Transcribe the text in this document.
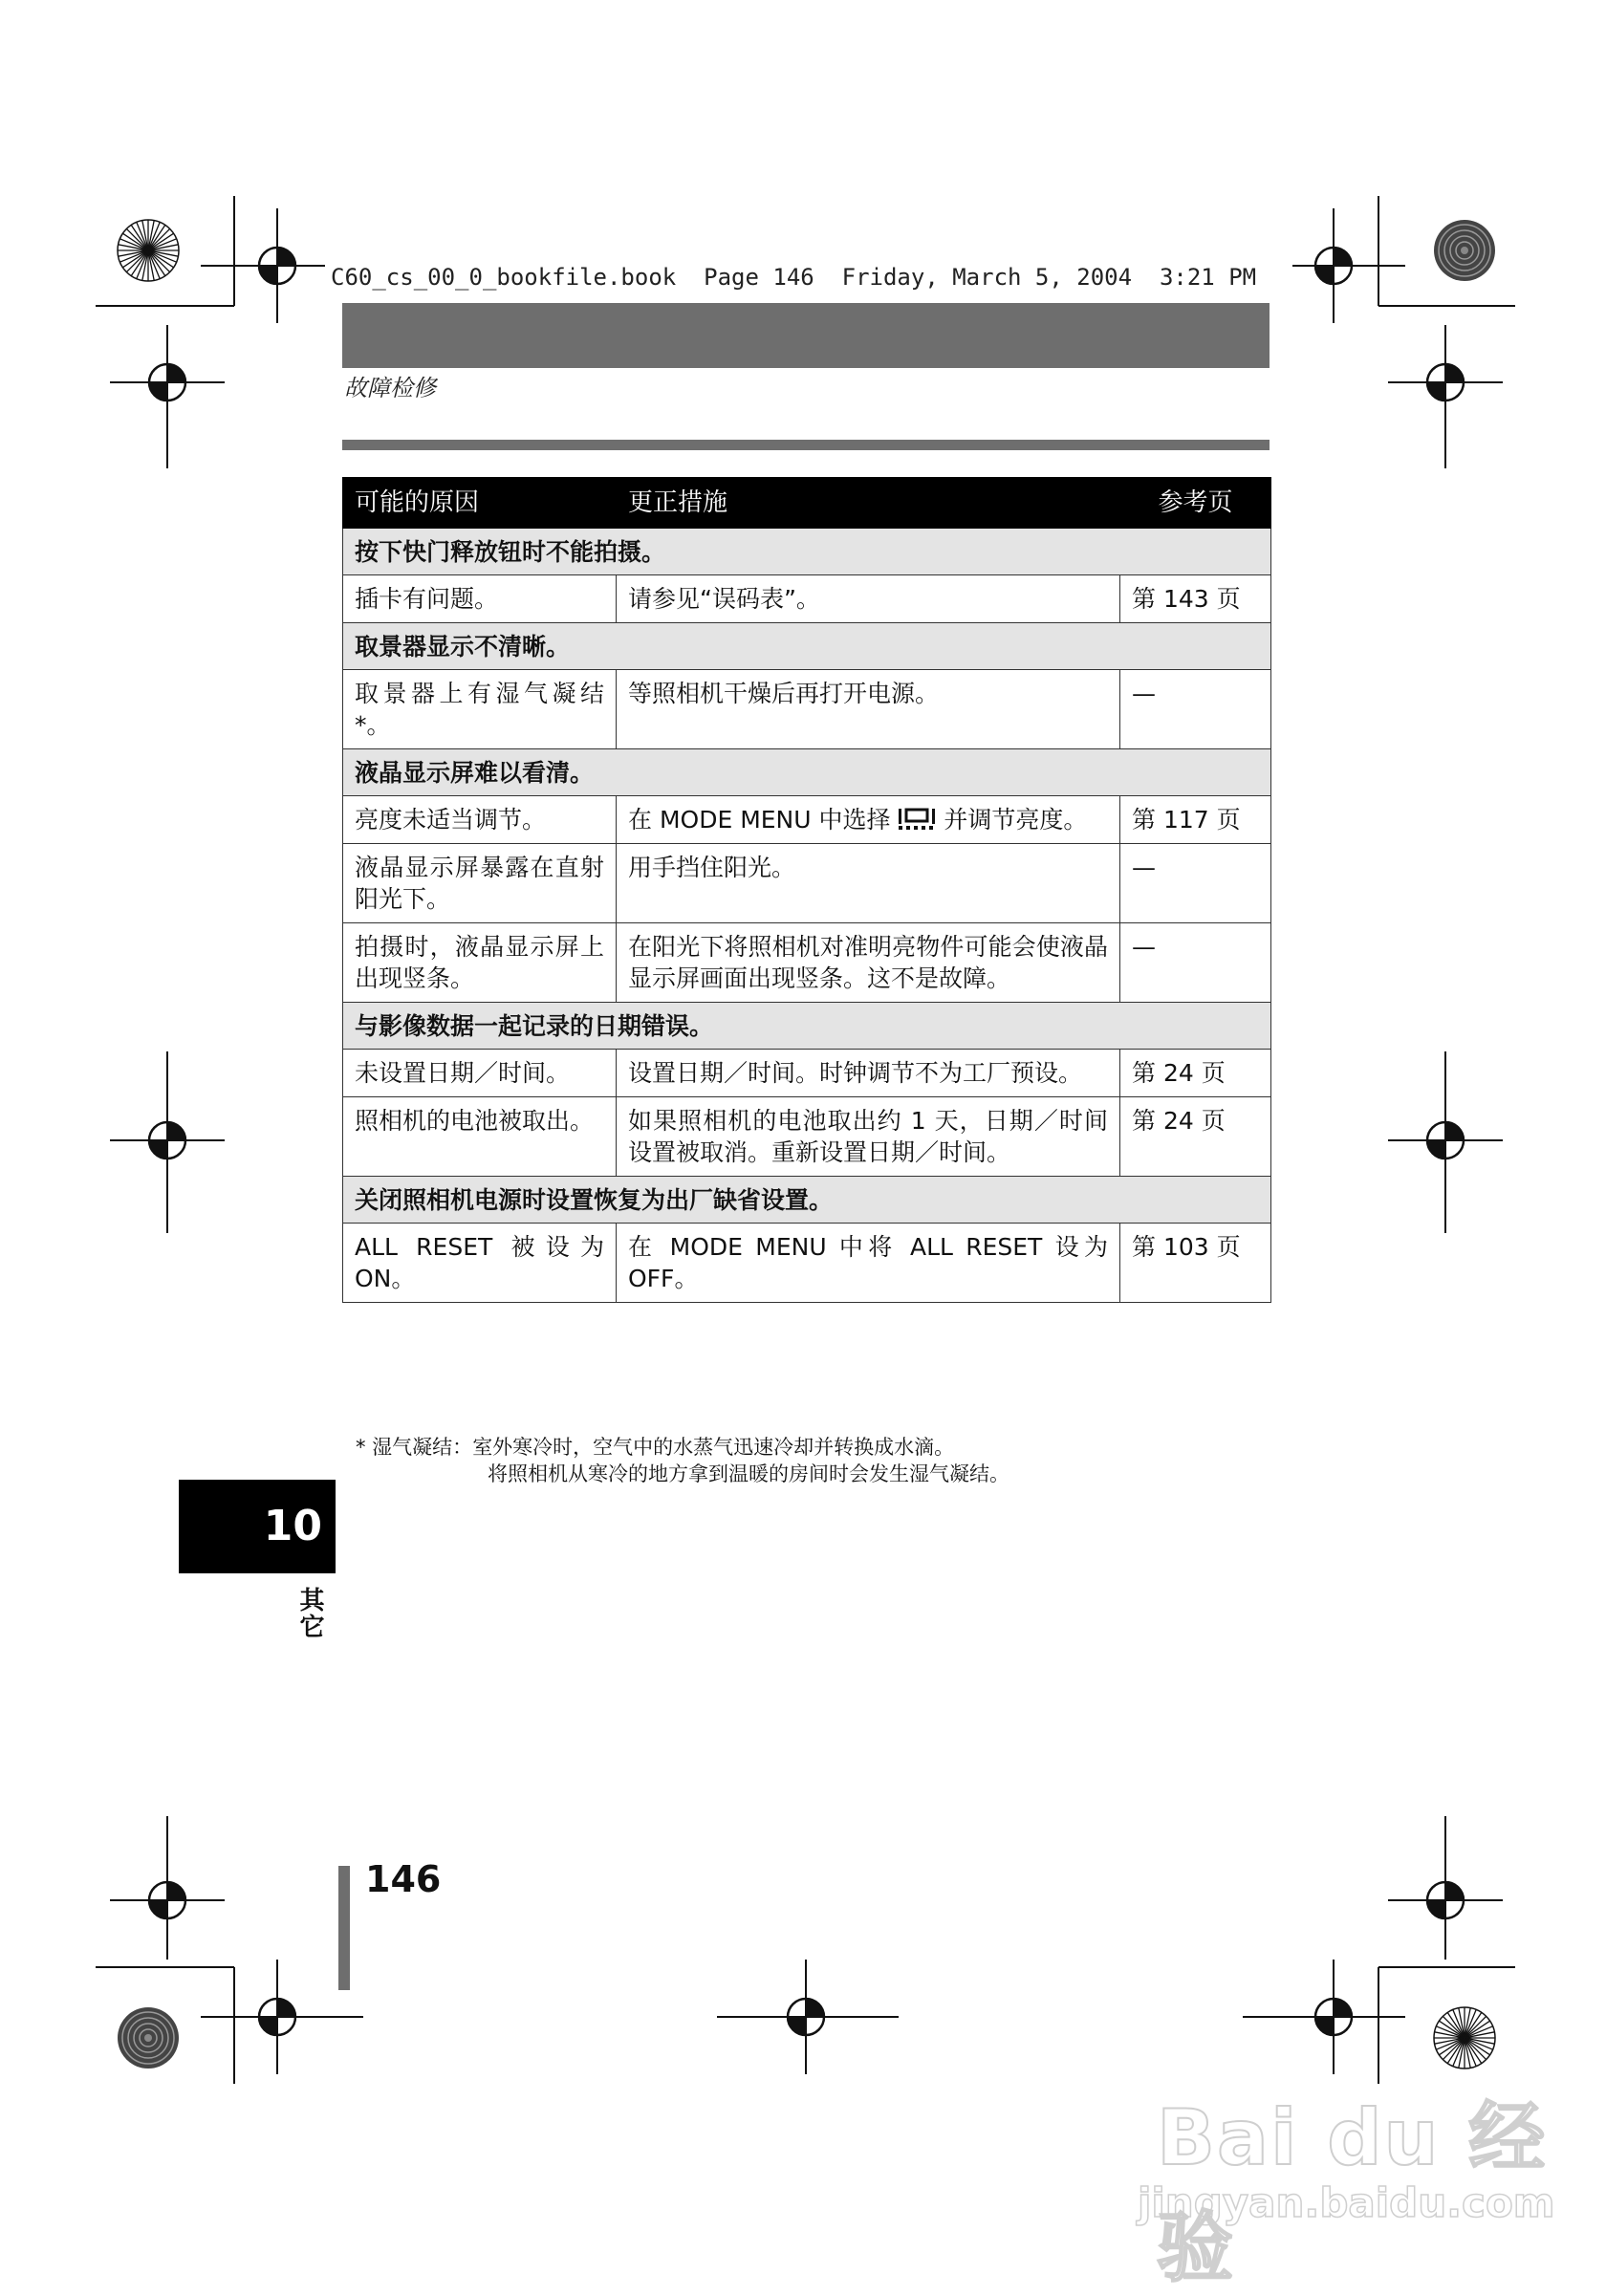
C60_cs_00_0_bookfile.book  Page 146  Friday, March 5, 2004  3:21 PM
故障检修
可能的原因	更正措施	参考页
按下快门释放钮时不能拍摄。		
插卡有问题。	请参见“误码表”。	第 143 页
取景器显示不清晰。		
取景器上有湿气凝结*。	等照相机干燥后再打开电源。	—
液晶显示屏难以看清。		
亮度未适当调节。	在 MODE MENU 中选择 并调节亮度。	第 117 页
液晶显示屏暴露在直射阳光下。	用手挡住阳光。	—
拍摄时，液晶显示屏上出现竖条。	在阳光下将照相机对准明亮物件可能会使液晶显示屏画面出现竖条。这不是故障。	—
与影像数据一起记录的日期错误。		
未设置日期／时间。	设置日期／时间。时钟调节不为工厂预设。	第 24 页
照相机的电池被取出。	如果照相机的电池取出约 1 天，日期／时间设置被取消。重新设置日期／时间。	第 24 页
关闭照相机电源时设置恢复为出厂缺省设置。		
ALL RESET 被设为 ON。	在 MODE MENU 中将 ALL RESET 设为 OFF。	第 103 页
* 湿气凝结：室外寒冷时，空气中的水蒸气迅速冷却并转换成水滴。
将照相机从寒冷的地方拿到温暖的房间时会发生湿气凝结。
10
其它
146
Bai du 经验
jingyan.baidu.com
